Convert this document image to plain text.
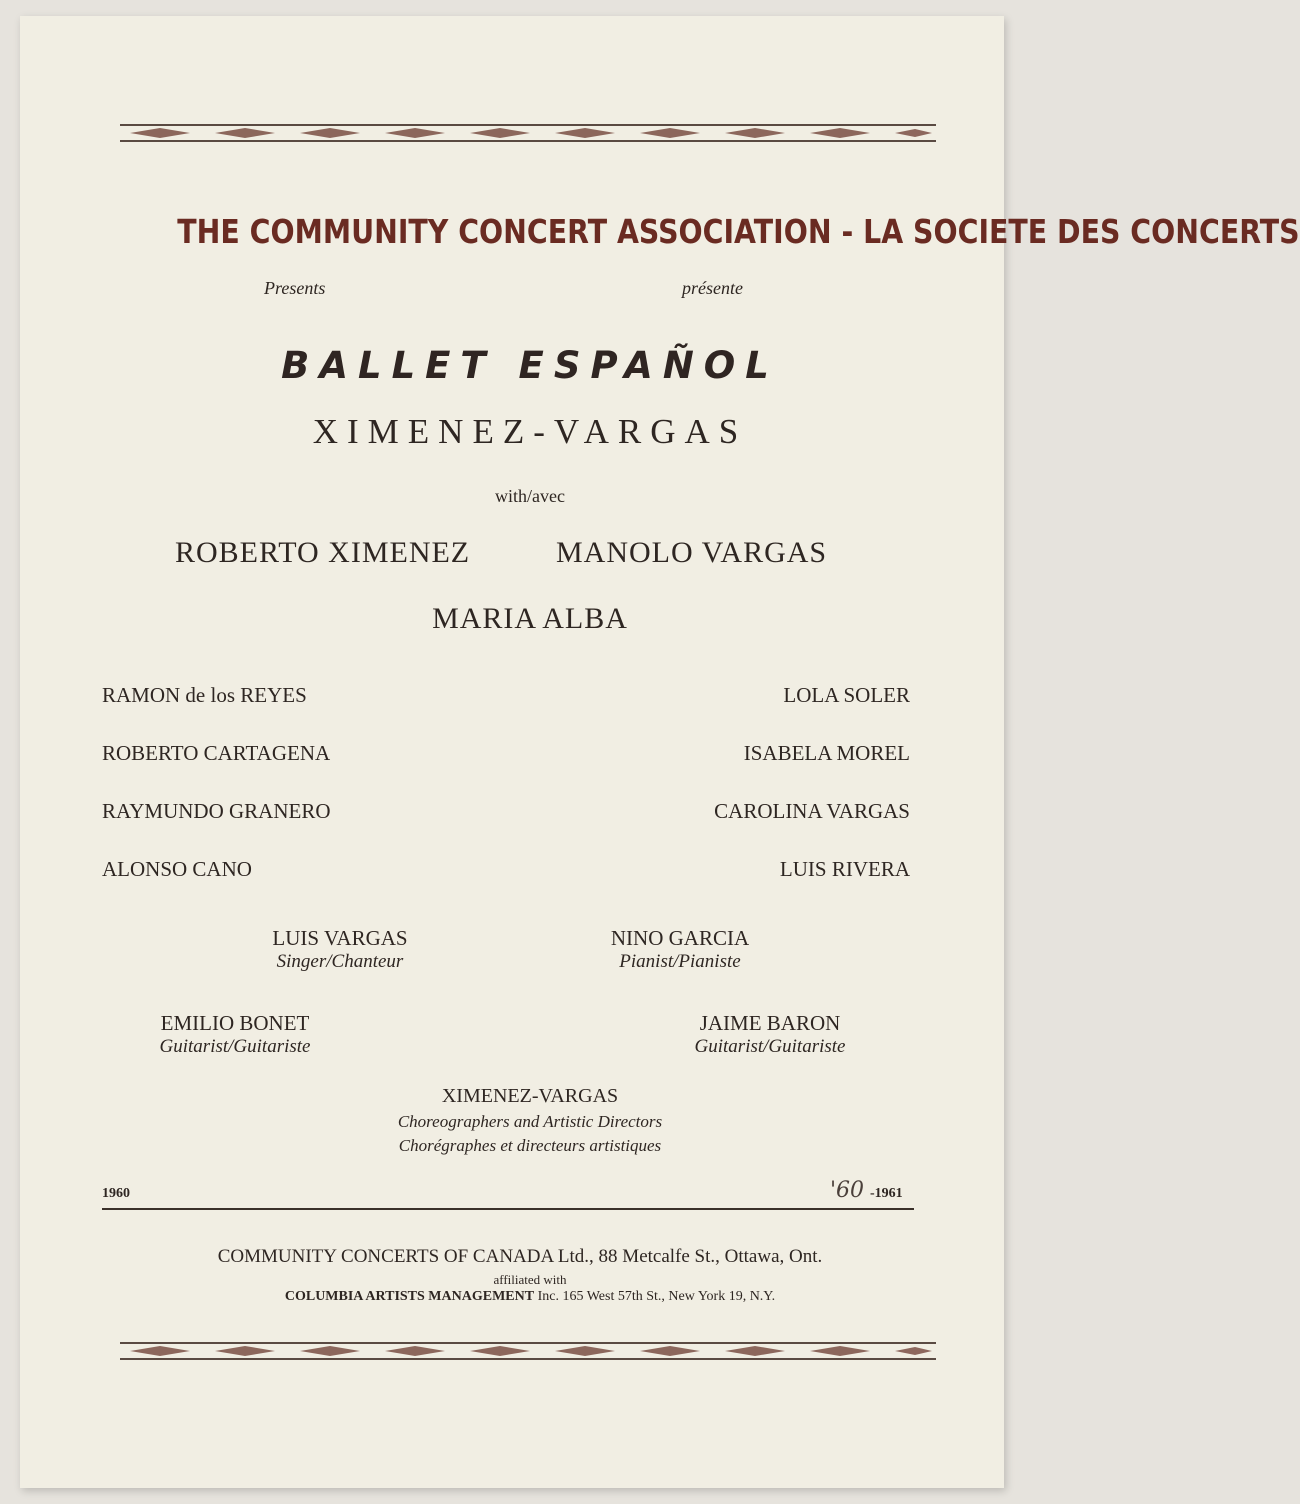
THE COMMUNITY CONCERT ASSOCIATION - LA SOCIETE DES CONCERTS
Presents	présente
BALLET ESPAÑOL
XIMENEZ-VARGAS
with/avec
ROBERTO XIMENEZ	MANOLO VARGAS
MARIA ALBA
RAMON de los REYES
ROBERTO CARTAGENA
RAYMUNDO GRANERO
ALONSO CANO
LOLA SOLER
ISABELA MOREL
CAROLINA VARGAS
LUIS RIVERA
LUIS VARGAS
Singer/Chanteur
NINO GARCIA
Pianist/Pianiste
EMILIO BONET
Guitarist/Guitariste
JAIME BARON
Guitarist/Guitariste
XIMENEZ-VARGAS
Choreographers and Artistic Directors
Chorégraphes et directeurs artistiques
1960	'60 -1961
COMMUNITY CONCERTS OF CANADA Ltd., 88 Metcalfe St., Ottawa, Ont.
affiliated with
COLUMBIA ARTISTS MANAGEMENT Inc. 165 West 57th St., New York 19, N.Y.
